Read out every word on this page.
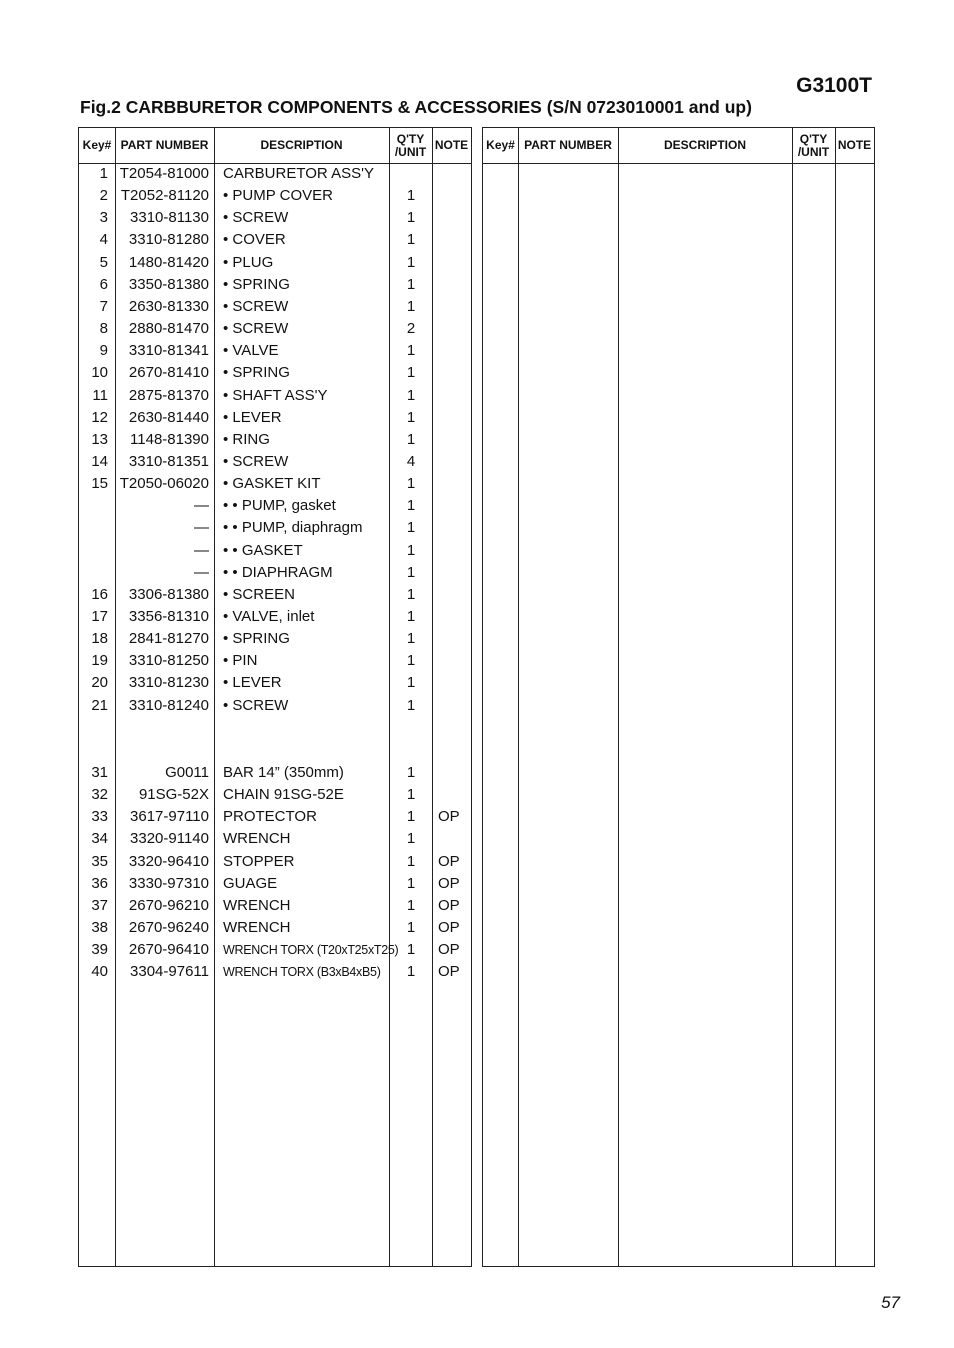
G3100T
Fig.2 CARBBURETOR COMPONENTS & ACCESSORIES (S/N 0723010001 and up)
Key# PART NUMBER	DESCRIPTION	Q'TY
/UNIT NOTE
1 T2054-81000 CARBURETOR ASS'Y
2 T2052-81120 • PUMP COVER	1
3 3310-81130 • SCREW	1
4 3310-81280 • COVER	1
5 1480-81420 • PLUG	1
6 3350-81380 • SPRING	1
7 2630-81330 • SCREW	1
8 2880-81470 • SCREW	2
9 3310-81341 • VALVE	1
10 2670-81410 • SPRING	1
11 2875-81370 • SHAFT ASS'Y	1
12 2630-81440 • LEVER	1
13 1148-81390 • RING	1
14 3310-81351 • SCREW	4
15 T2050-06020 • GASKET KIT	1
— • • PUMP, gasket	1
— • • PUMP, diaphragm	1
— • • GASKET	1
— • • DIAPHRAGM	1
16 3306-81380 • SCREEN	1
17 3356-81310 • VALVE, inlet	1
18 2841-81270 • SPRING	1
19 3310-81250 • PIN	1
20 3310-81230 • LEVER	1
21 3310-81240 • SCREW	1
31	G0011 BAR 14” (350mm)	1
32 91SG-52X CHAIN 91SG-52E	1
33 3617-97110 PROTECTOR	1	OP
34 3320-91140 WRENCH	1
35 3320-96410 STOPPER	1	OP
36 3330-97310 GUAGE	1	OP
37 2670-96210 WRENCH	1	OP
38 2670-96240 WRENCH	1	OP
39 2670-96410 WRENCH TORX (T20xT25xT25) 1	OP
40 3304-97611 WRENCH TORX (B3xB4xB5)	1	OP
Key# PART NUMBER	DESCRIPTION	Q'TY
/UNIT NOTE
57
